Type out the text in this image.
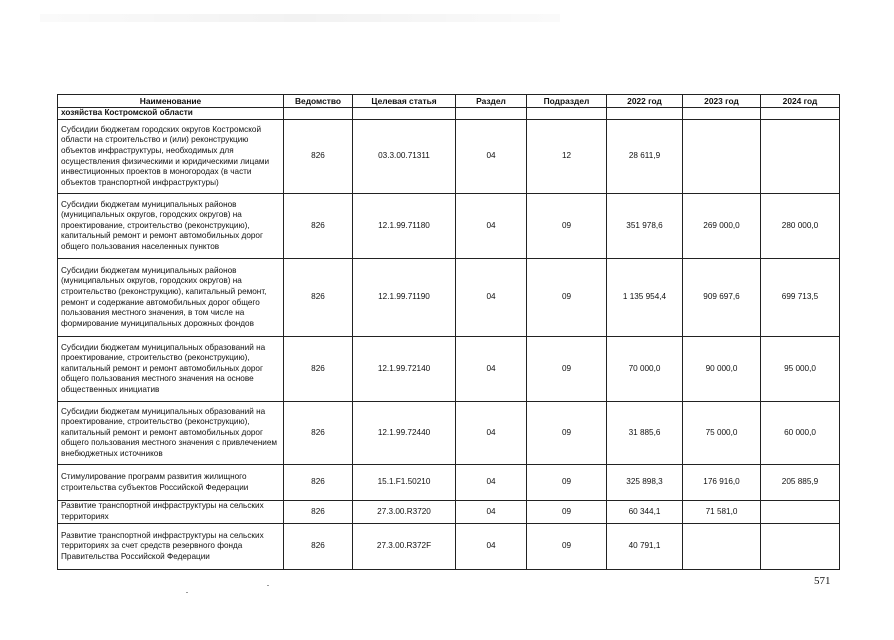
Наименование	Ведомство	Целевая статья	Раздел	Подраздел	2022 год	2023 год	2024 год
хозяйства Костромской области							
Субсидии бюджетам городских округов Костромской области на строительство и (или) реконструкцию объектов инфраструктуры, необходимых для осуществления физическими и юридическими лицами инвестиционных проектов в моногородах (в части объектов транспортной инфраструктуры)	826	03.3.00.71311	04	12	28 611,9		
Субсидии бюджетам муниципальных районов (муниципальных округов, городских округов) на проектирование, строительство (реконструкцию), капитальный ремонт и ремонт автомобильных дорог общего пользования населенных пунктов	826	12.1.99.71180	04	09	351 978,6	269 000,0	280 000,0
Субсидии бюджетам муниципальных районов (муниципальных округов, городских округов) на строительство (реконструкцию), капитальный ремонт, ремонт и содержание автомобильных дорог общего пользования местного значения, в том числе на формирование муниципальных дорожных фондов	826	12.1.99.71190	04	09	1 135 954,4	909 697,6	699 713,5
Субсидии бюджетам муниципальных образований на проектирование, строительство (реконструкцию), капитальный ремонт и ремонт автомобильных дорог общего пользования местного значения на основе общественных инициатив	826	12.1.99.72140	04	09	70 000,0	90 000,0	95 000,0
Субсидии бюджетам муниципальных образований на проектирование, строительство (реконструкцию), капитальный ремонт и ремонт автомобильных дорог общего пользования местного значения с привлечением внебюджетных источников	826	12.1.99.72440	04	09	31 885,6	75 000,0	60 000,0
Стимулирование программ развития жилищного строительства субъектов Российской Федерации	826	15.1.F1.50210	04	09	325 898,3	176 916,0	205 885,9
Развитие транспортной инфраструктуры на сельских территориях	826	27.3.00.R3720	04	09	60 344,1	71 581,0	
Развитие транспортной инфраструктуры на сельских территориях за счет средств резервного фонда Правительства Российской Федерации	826	27.3.00.R372F	04	09	40 791,1		
571
